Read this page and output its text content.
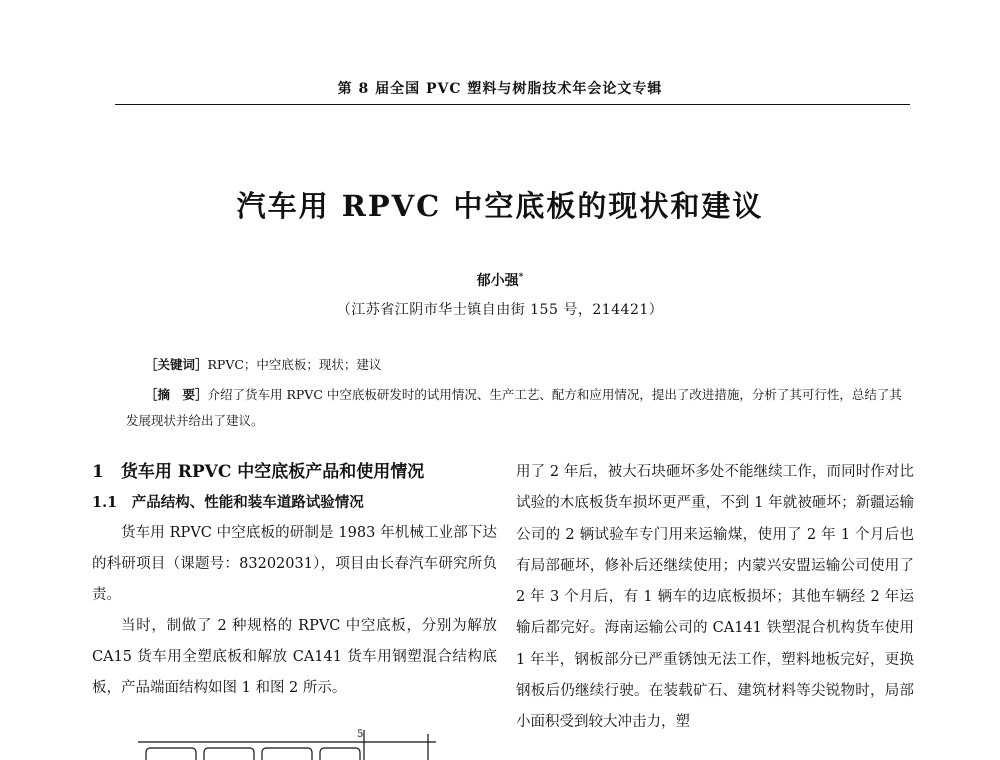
第 8 届全国 PVC 塑料与树脂技术年会论文专辑
汽车用 RPVC 中空底板的现状和建议
郁小强*
（江苏省江阴市华士镇自由街 155 号，214421）
［关键词］RPVC；中空底板；现状；建议
［摘　要］介绍了货车用 RPVC 中空底板研发时的试用情况、生产工艺、配方和应用情况，提出了改进措施，分析了其可行性，总结了其发展现状并给出了建议。

1　货车用 RPVC 中空底板产品和使用情况

1.1　产品结构、性能和装车道路试验情况

货车用 RPVC 中空底板的研制是 1983 年机械工业部下达的科研项目（课题号：83202031），项目由长春汽车研究所负责。

当时，制做了 2 种规格的 RPVC 中空底板，分别为解放 CA15 货车用全塑底板和解放 CA141 货车用钢塑混合结构底板，产品端面结构如图 1 和图 2 所示。

用了 2 年后，被大石块砸坏多处不能继续工作，而同时作对比试验的木底板货车损坏更严重，不到 1 年就被砸坏；新疆运输公司的 2 辆试验车专门用来运输煤，使用了 2 年 1 个月后也有局部砸坏，修补后还继续使用；内蒙兴安盟运输公司使用了 2 年 3 个月后，有 1 辆车的边底板损坏；其他车辆经 2 年运输后都完好。海南运输公司的 CA141 铁塑混合机构货车使用 1 年半，钢板部分已严重锈蚀无法工作，塑料地板完好，更换钢板后仍继续行驶。在装载矿石、建筑材料等尖锐物时，局部小面积受到较大冲击力，塑
5
